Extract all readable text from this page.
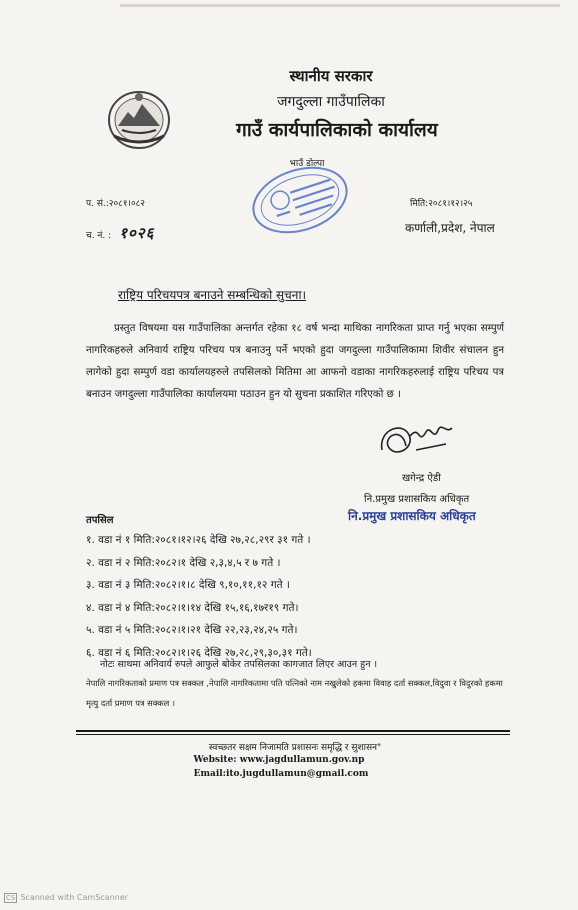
स्थानीय सरकार
जगदुल्ला गाउँपालिका
गाउँ कार्यपालिकाको कार्यालय
भाउँ डोल्पा
प. सं.:२०८१।०८२
च. नं. : १०२६
मिति:२०८१।१२।२५
कर्णाली,प्रदेश, नेपाल
राष्ट्रिय परिचयपत्र बनाउने सम्बन्धिको सुचना।
प्रस्तुत विषयमा यस गाउँपालिका अन्तर्गत रहेका १८ वर्ष भन्दा माथिका नागरिकता प्राप्त गर्नु भएका सम्पुर्ण नागरिकहरुले अनिवार्य राष्ट्रिय परिचय पत्र बनाउनु पर्ने भएको हुदा जगदुल्ला गाउँपालिकामा शिवीर संचालन हुन लागेको हुदा सम्पुर्ण वडा कार्यालयहरुले तपसिलको मितिमा आ आफनो वडाका नागरिकहरुलाई राष्ट्रिय परिचय पत्र बनाउन जगदुल्ला गाउँपालिका कार्यालयमा पठाउन हुन यो सुचना प्रकाशित गरिएको छ ।
खगेन्द्र ऐडी
नि.प्रमुख प्रशासकिय अधिकृत
नि.प्रमुख प्रशासकिय अधिकृत
तपसिल
१. वडा नं १ मिति:२०८१।१२।२६ देखि २७,२८,२९र ३१ गते ।
२. वडा नं २ मिति:२०८२।१ देखि २,३,४,५ र ७ गते ।
३. वडा नं ३ मिति:२०८२।१।८ देखि ९,१०,११,१२ गते ।
४. वडा नं ४ मिति:२०८२।१।१४ देखि १५,१६,१७र१९ गते।
५. वडा नं ५ मिति:२०८२।१।२१ देखि २२,२३,२४,२५ गते।
६. वडा नं ६ मिति:२०८२।१।२६ देखि २७,२८,२९,३०,३१ गते।
नोटः साथमा अनिवार्य रुपले आफुले बोकेर तपसिलका कागजात लिएर आउन हुन ।
नेपालि नागरिकताको प्रमाण पत्र सक्कल ,नेपालि नागरिकतामा पति पत्निको नाम नखुलेको हकमा विवाह दर्ता सक्कल,विदुवा र विदुरको हकमा मृत्यु दर्ता प्रमाण पत्र सक्कल ।
स्वच्छ्तर सक्षम निजामति प्रशासनः समृद्धि र सुशासन"
Website: www.jagdullamun.gov.np
Email:ito.jugdullamun@gmail.com
CS Scanned with CamScanner
